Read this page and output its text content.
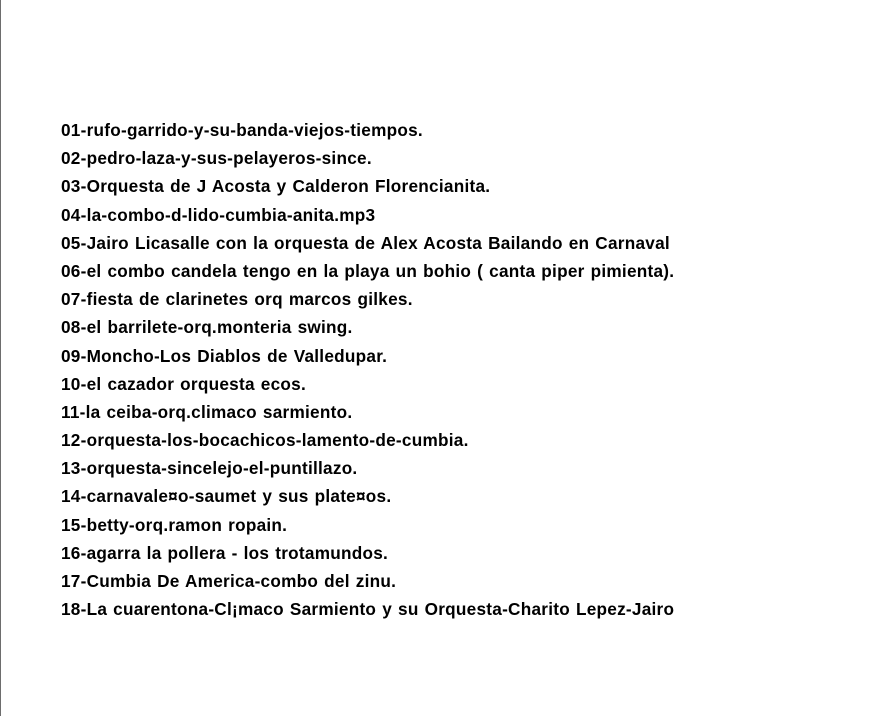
01-rufo-garrido-y-su-banda-viejos-tiempos.
02-pedro-laza-y-sus-pelayeros-since.
03-Orquesta de J Acosta y Calderon Florencianita.
04-la-combo-d-lido-cumbia-anita.mp3
05-Jairo Licasalle con la orquesta de Alex Acosta Bailando en Carnaval
06-el combo candela tengo en la playa un bohio ( canta piper pimienta).
07-fiesta de clarinetes orq marcos gilkes.
08-el barrilete-orq.monteria swing.
09-Moncho-Los Diablos de Valledupar.
10-el cazador orquesta ecos.
11-la ceiba-orq.climaco sarmiento.
12-orquesta-los-bocachicos-lamento-de-cumbia.
13-orquesta-sincelejo-el-puntillazo.
14-carnavale¤o-saumet y sus plate¤os.
15-betty-orq.ramon ropain.
16-agarra la pollera - los trotamundos.
17-Cumbia De America-combo del zinu.
18-La cuarentona-Cl¡maco Sarmiento y su Orquesta-Charito Lepez-Jairo
